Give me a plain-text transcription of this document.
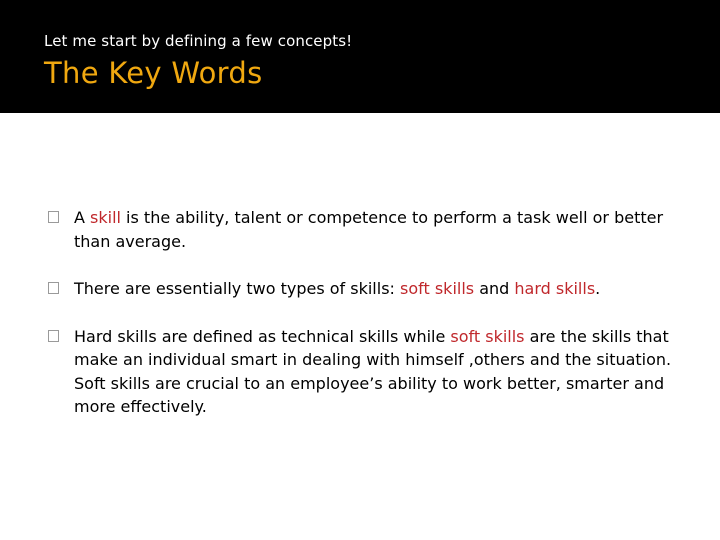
Let me start by defining a few concepts!
The Key Words
A skill is the ability, talent or competence to perform a task well or better than average.
There are essentially two types of skills: soft skills and hard skills.
Hard skills are defined as technical skills while soft skills are the skills that make an individual smart in dealing with himself ,others and the situation. Soft skills are crucial to an employee’s ability to work better, smarter and more effectively.
